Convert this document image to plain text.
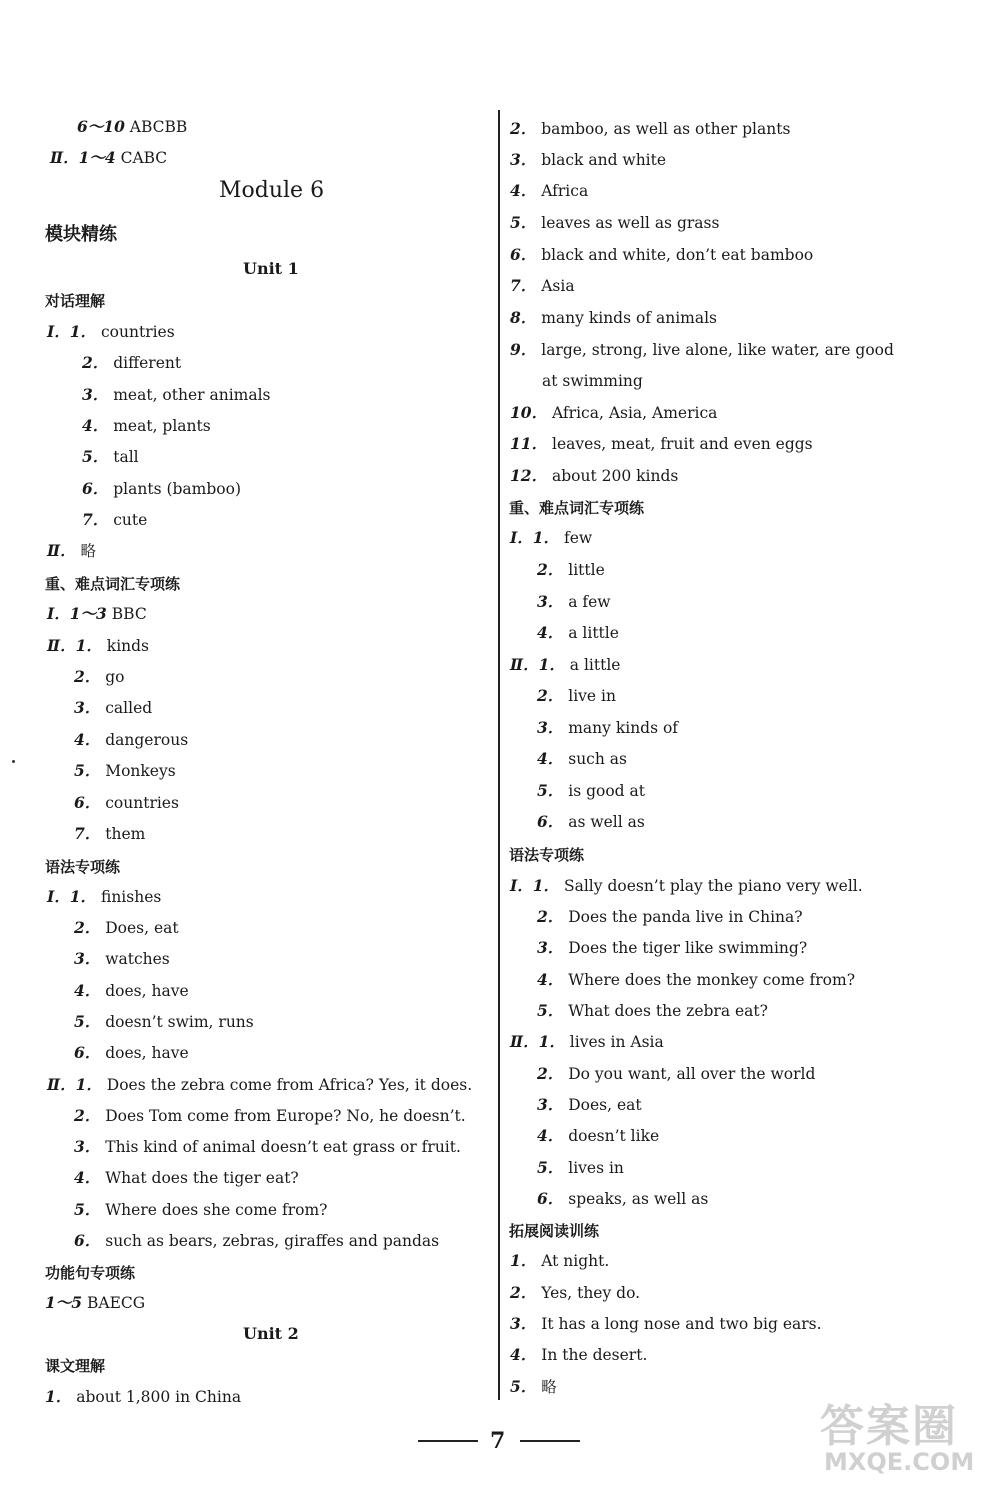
Module 6
模块精练
Unit 1
对话理解
重、难点词汇专项练
语法专项练
功能句专项练
Unit 2
课文理解
6～10 ABCBB
Ⅱ．1～4 CABC
Ⅰ．1． countries
2． different
3． meat, other animals
4． meat, plants
5． tall
6． plants (bamboo)
7． cute
Ⅱ． 略
Ⅰ．1～3 BBC
Ⅱ．1． kinds
2． go
3． called
4． dangerous
5． Monkeys
6． countries
7． them
Ⅰ．1． finishes
2． Does, eat
3． watches
4． does, have
5． doesn’t swim, runs
6． does, have
Ⅱ．1． Does the zebra come from Africa? Yes, it does.
2． Does Tom come from Europe? No, he doesn’t.
3． This kind of animal doesn’t eat grass or fruit.
4． What does the tiger eat?
5． Where does she come from?
6． such as bears, zebras, giraffes and pandas
1～5 BAECG
1． about 1,800 in China
重、难点词汇专项练
语法专项练
拓展阅读训练
2． bamboo, as well as other plants
3． black and white
4． Africa
5． leaves as well as grass
6． black and white, don’t eat bamboo
7． Asia
8． many kinds of animals
9． large, strong, live alone, like water, are good
at swimming
10． Africa, Asia, America
11． leaves, meat, fruit and even eggs
12． about 200 kinds
Ⅰ．1． few
2． little
3． a few
4． a little
Ⅱ．1． a little
2． live in
3． many kinds of
4． such as
5． is good at
6． as well as
Ⅰ．1． Sally doesn’t play the piano very well.
2． Does the panda live in China?
3． Does the tiger like swimming?
4． Where does the monkey come from?
5． What does the zebra eat?
Ⅱ．1． lives in Asia
2． Do you want, all over the world
3． Does, eat
4． doesn’t like
5． lives in
6． speaks, as well as
1． At night.
2． Yes, they do.
3． It has a long nose and two big ears.
4． In the desert.
5． 略
7	答案圈
MXQE.COM
